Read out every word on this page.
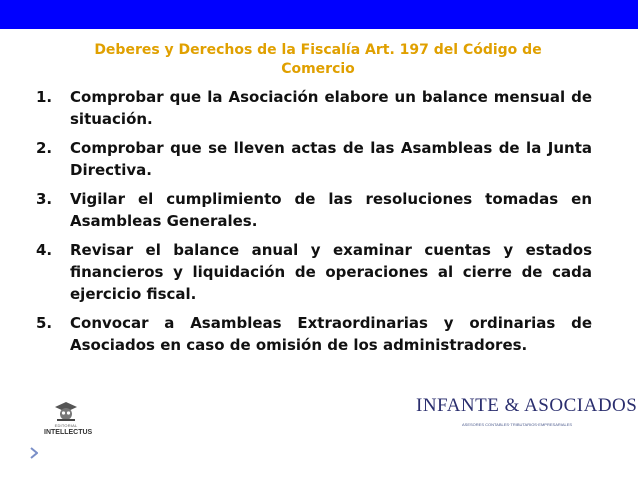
Deberes y Derechos de la Fiscalía Art. 197 del Código de
Comercio
1. Comprobar que la Asociación elabore un balance mensual de situación.
2. Comprobar que se lleven actas de las Asambleas de la Junta Directiva.
3. Vigilar el cumplimiento de las resoluciones tomadas en Asambleas Generales.
4. Revisar el balance anual y examinar cuentas y estados financieros y liquidación de operaciones al cierre de cada ejercicio fiscal.
5. Convocar a Asambleas Extraordinarias y ordinarias de Asociados en caso de omisión de los administradores.
EDITORIAL
INTELLECTUS
INFANTE & ASOCIADOS
ASESORES CONTABLES·TRIBUTARIOS·EMPRESARIALES
